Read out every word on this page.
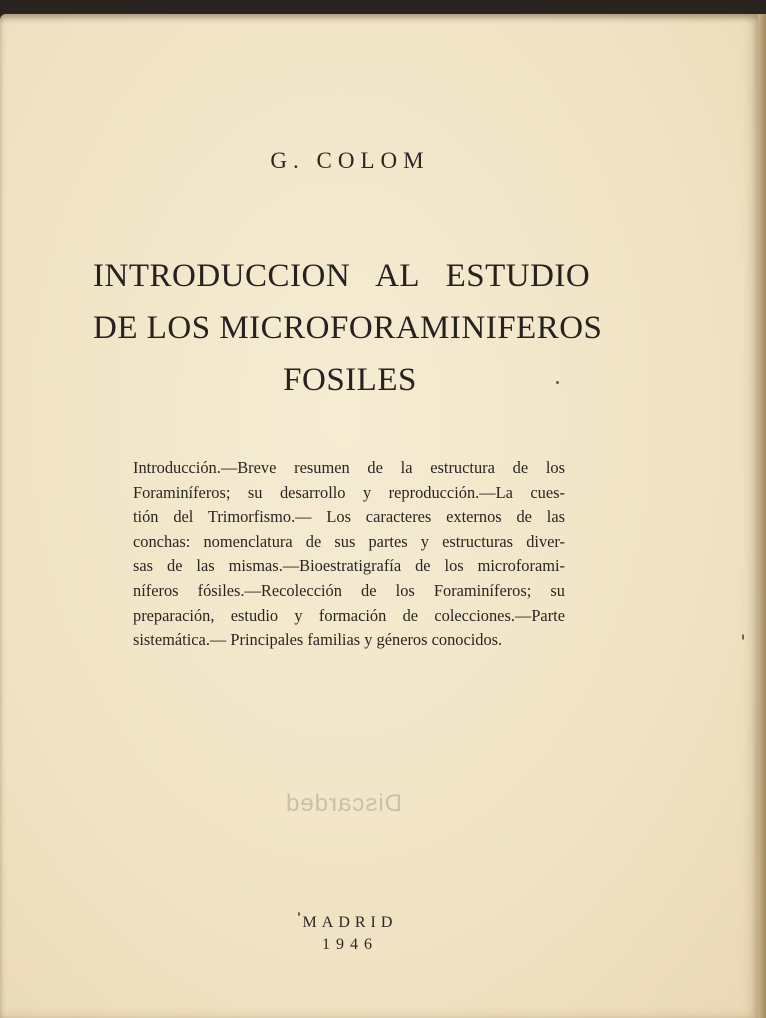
G. COLOM
INTRODUCCION AL ESTUDIO
DE LOS MICROFORAMINIFEROS
FOSILES
Introducción.—Breve resumen de la estructura de los
Foraminíferos; su desarrollo y reproducción.—La cues-
tión del Trimorfismo.— Los caracteres externos de las
conchas: nomenclatura de sus partes y estructuras diver-
sas de las mismas.—Bioestratigrafía de los microforami-
níferos fósiles.—Recolección de los Foraminíferos; su
preparación, estudio y formación de colecciones.—Parte
sistemática.— Principales familias y géneros conocidos.
Discarded
MADRID
1946
